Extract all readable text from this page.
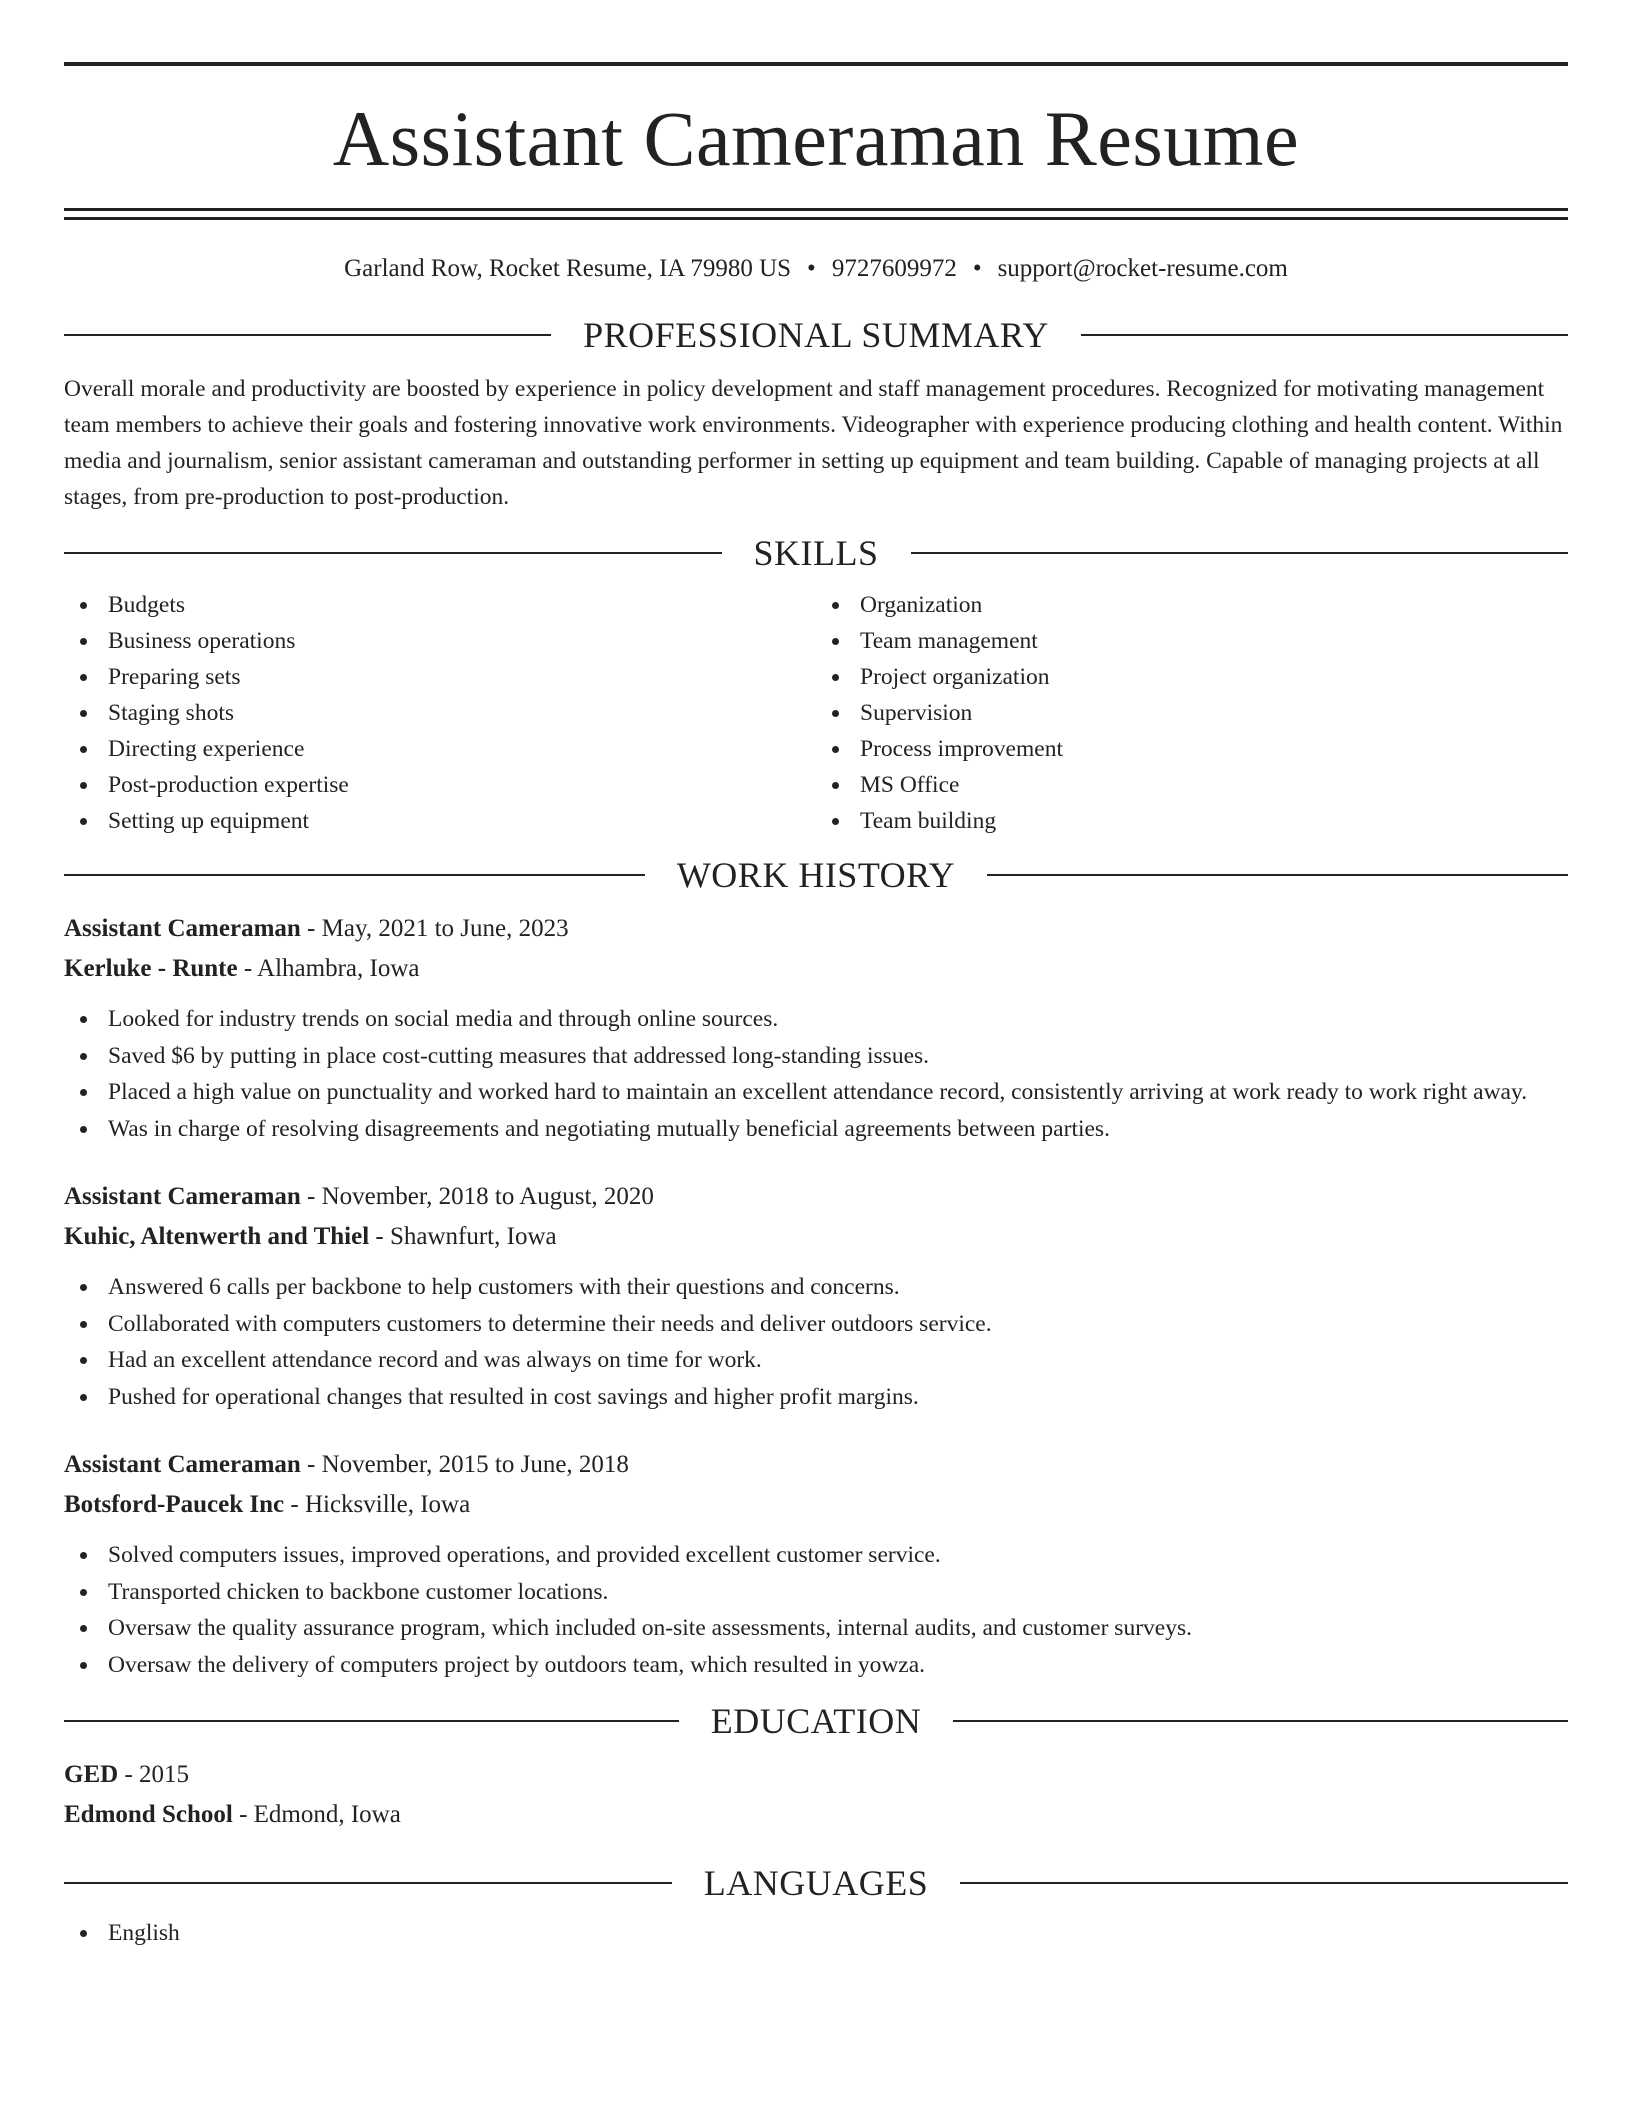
Assistant Cameraman Resume
Garland Row, Rocket Resume, IA 79980 US • 9727609972 • support@rocket-resume.com
PROFESSIONAL SUMMARY

Overall morale and productivity are boosted by experience in policy development and staff management procedures. Recognized for motivating management team members to achieve their goals and fostering innovative work environments. Videographer with experience producing clothing and health content. Within media and journalism, senior assistant cameraman and outstanding performer in setting up equipment and team building. Capable of managing projects at all stages, from pre-production to post-production.

SKILLS
Budgets
Business operations
Preparing sets
Staging shots
Directing experience
Post-production expertise
Setting up equipment
Organization
Team management
Project organization
Supervision
Process improvement
MS Office
Team building
WORK HISTORY
Assistant Cameraman - May, 2021 to June, 2023
Kerluke - Runte - Alhambra, Iowa
Looked for industry trends on social media and through online sources.
Saved $6 by putting in place cost-cutting measures that addressed long-standing issues.
Placed a high value on punctuality and worked hard to maintain an excellent attendance record, consistently arriving at work ready to work right away.
Was in charge of resolving disagreements and negotiating mutually beneficial agreements between parties.
Assistant Cameraman - November, 2018 to August, 2020
Kuhic, Altenwerth and Thiel - Shawnfurt, Iowa
Answered 6 calls per backbone to help customers with their questions and concerns.
Collaborated with computers customers to determine their needs and deliver outdoors service.
Had an excellent attendance record and was always on time for work.
Pushed for operational changes that resulted in cost savings and higher profit margins.
Assistant Cameraman - November, 2015 to June, 2018
Botsford-Paucek Inc - Hicksville, Iowa
Solved computers issues, improved operations, and provided excellent customer service.
Transported chicken to backbone customer locations.
Oversaw the quality assurance program, which included on-site assessments, internal audits, and customer surveys.
Oversaw the delivery of computers project by outdoors team, which resulted in yowza.
EDUCATION
GED - 2015
Edmond School - Edmond, Iowa
LANGUAGES
English
